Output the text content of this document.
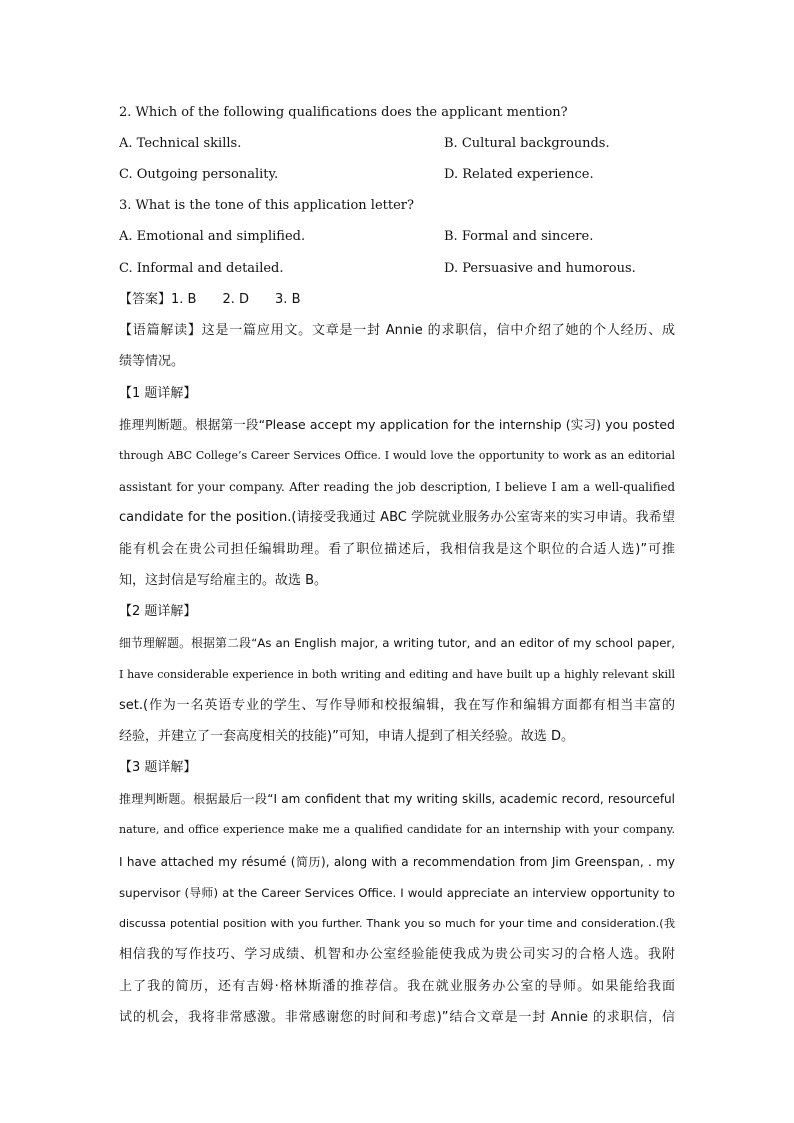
2. Which of the following qualifications does the applicant mention?
A. Technical skills.	B. Cultural backgrounds.
C. Outgoing personality.	D. Related experience.
3. What is the tone of this application letter?
A. Emotional and simplified.	B. Formal and sincere.
C. Informal and detailed.	D. Persuasive and humorous.
【答案】1. B 2. D 3. B
【语篇解读】这是一篇应用文。文章是一封 Annie 的求职信，信中介绍了她的个人经历、成
绩等情况。
【1 题详解】
推理判断题。根据第一段“Please accept my application for the internship (实习) you posted
through ABC College’s Career Services Office. I would love the opportunity to work as an editorial
assistant for your company. After reading the job description, I believe I am a well-qualified
candidate for the position.(请接受我通过 ABC 学院就业服务办公室寄来的实习申请。我希望
能有机会在贵公司担任编辑助理。看了职位描述后，我相信我是这个职位的合适人选)”可推
知，这封信是写给雇主的。故选 B。
【2 题详解】
细节理解题。根据第二段“As an English major, a writing tutor, and an editor of my school paper,
I have considerable experience in both writing and editing and have built up a highly relevant skill
set.(作为一名英语专业的学生、写作导师和校报编辑，我在写作和编辑方面都有相当丰富的
经验，并建立了一套高度相关的技能)”可知，申请人提到了相关经验。故选 D。
【3 题详解】
推理判断题。根据最后一段“I am confident that my writing skills, academic record, resourceful
nature, and office experience make me a qualified candidate for an internship with your company.
I have attached my résumé (简历), along with a recommendation from Jim Greenspan, . my
supervisor (导师) at the Career Services Office. I would appreciate an interview opportunity to
discussa potential position with you further. Thank you so much for your time and consideration.(我
相信我的写作技巧、学习成绩、机智和办公室经验能使我成为贵公司实习的合格人选。我附
上了我的简历，还有吉姆·格林斯潘的推荐信。我在就业服务办公室的导师。如果能给我面
试的机会，我将非常感激。非常感谢您的时间和考虑)”结合文章是一封 Annie 的求职信，信
